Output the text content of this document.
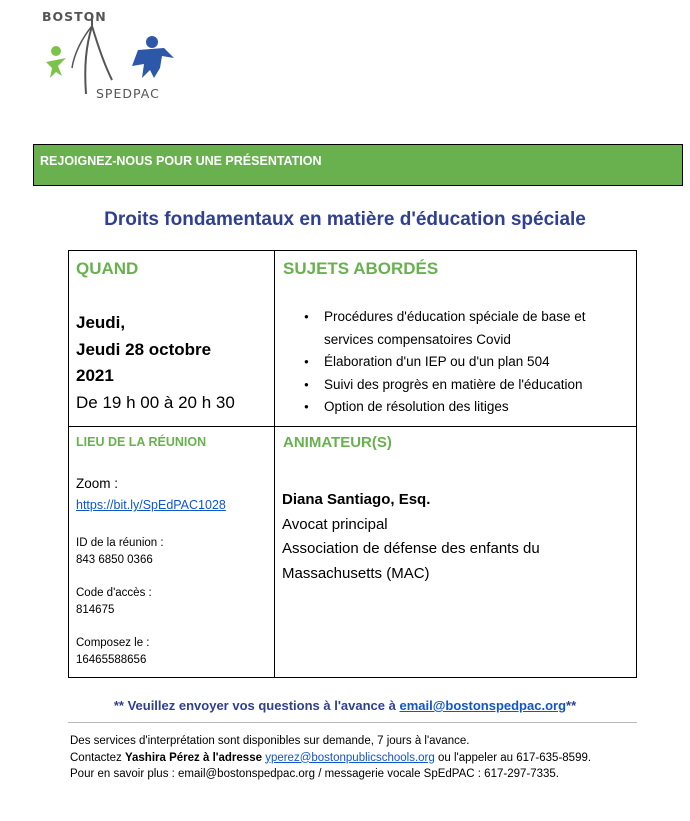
BOSTON
SPEDPAC
REJOIGNEZ-NOUS POUR UNE PRÉSENTATION
Droits fondamentaux en matière d'éducation spéciale
QUAND
Jeudi,
Jeudi 28 octobre
2021
De 19 h 00 à 20 h 30
SUJETS ABORDÉS
● Procédures d'éducation spéciale de base et services compensatoires Covid
● Élaboration d'un IEP ou d'un plan 504
● Suivi des progrès en matière de l'éducation
● Option de résolution des litiges
LIEU DE LA RÉUNION
Zoom :
https://bit.ly/SpEdPAC1028
ID de la réunion :
843 6850 0366
Code d'accès :
814675
Composez le :
16465588656
ANIMATEUR(S)
Diana Santiago, Esq.
Avocat principal
Association de défense des enfants du Massachusetts (MAC)
** Veuillez envoyer vos questions à l'avance à email@bostonspedpac.org**
Des services d'interprétation sont disponibles sur demande, 7 jours à l'avance.
Contactez Yashira Pérez à l'adresse yperez@bostonpublicschools.org ou l'appeler au 617-635-8599.
Pour en savoir plus : email@bostonspedpac.org / messagerie vocale SpEdPAC : 617-297-7335.
